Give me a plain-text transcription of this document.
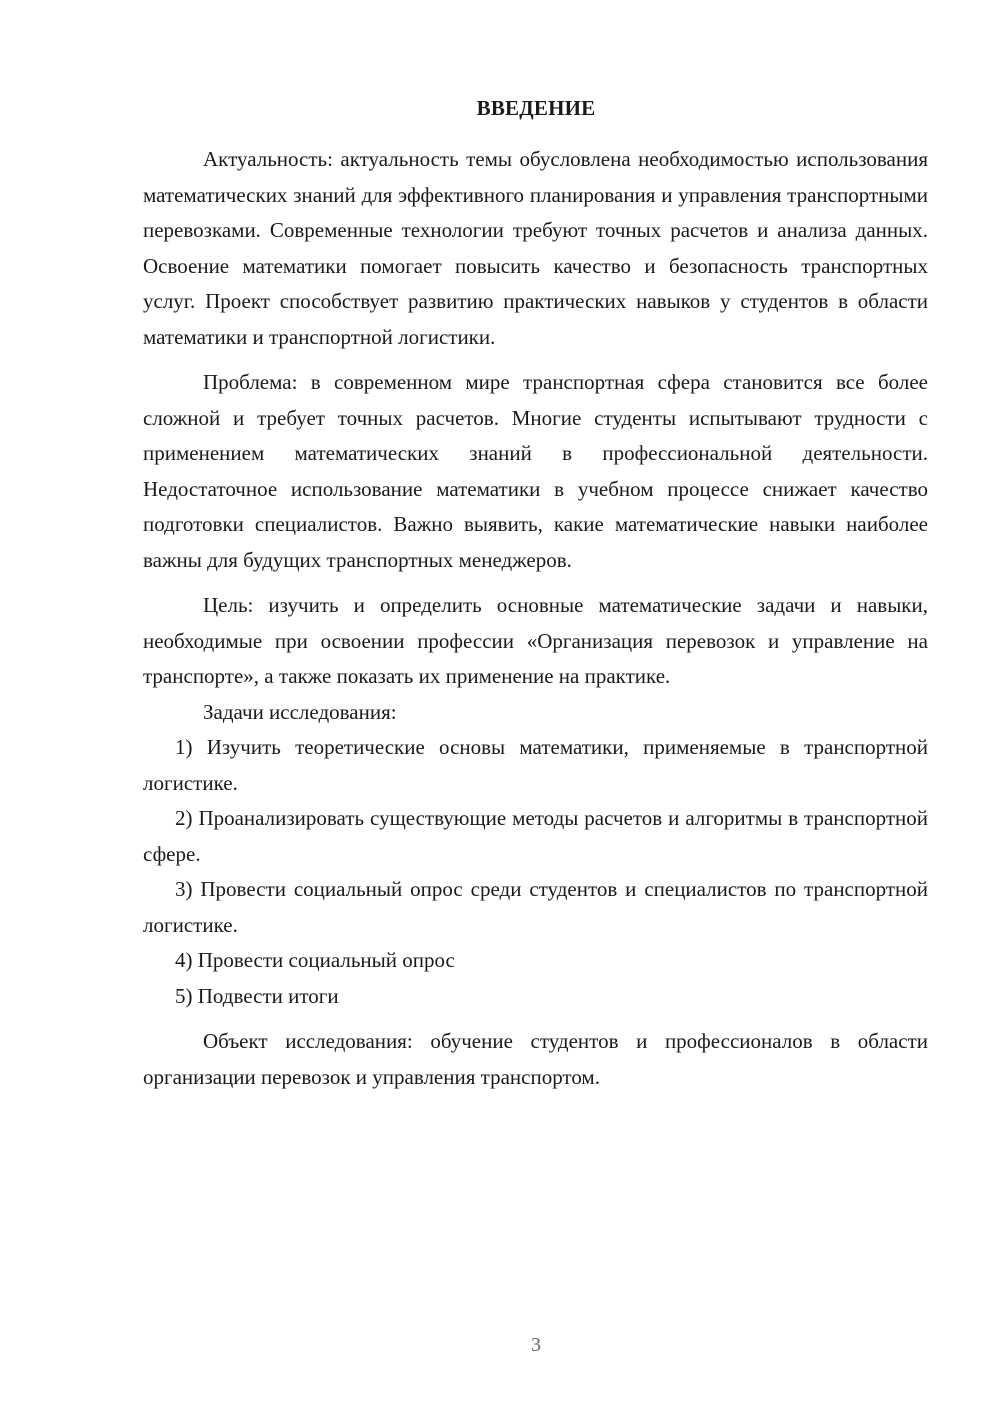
ВВЕДЕНИЕ

Актуальность: актуальность темы обусловлена необходимостью использования математических знаний для эффективного планирования и управления транспортными перевозками. Современные технологии требуют точных расчетов и анализа данных. Освоение математики помогает повысить качество и безопасность транспортных услуг. Проект способствует развитию практических навыков у студентов в области математики и транспортной логистики.

Проблема: в современном мире транспортная сфера становится все более сложной и требует точных расчетов. Многие студенты испытывают трудности с применением математических знаний в профессиональной деятельности. Недостаточное использование математики в учебном процессе снижает качество подготовки специалистов. Важно выявить, какие математические навыки наиболее важны для будущих транспортных менеджеров.

Цель: изучить и определить основные математические задачи и навыки, необходимые при освоении профессии «Организация перевозок и управление на транспорте», а также показать их применение на практике.

Задачи исследования:

1) Изучить теоретические основы математики, применяемые в транспортной логистике.

2) Проанализировать существующие методы расчетов и алгоритмы в транспортной сфере.

3) Провести социальный опрос среди студентов и специалистов по транспортной логистике.

4) Провести социальный опрос

5) Подвести итоги

Объект исследования: обучение студентов и профессионалов в области организации перевозок и управления транспортом.

3
